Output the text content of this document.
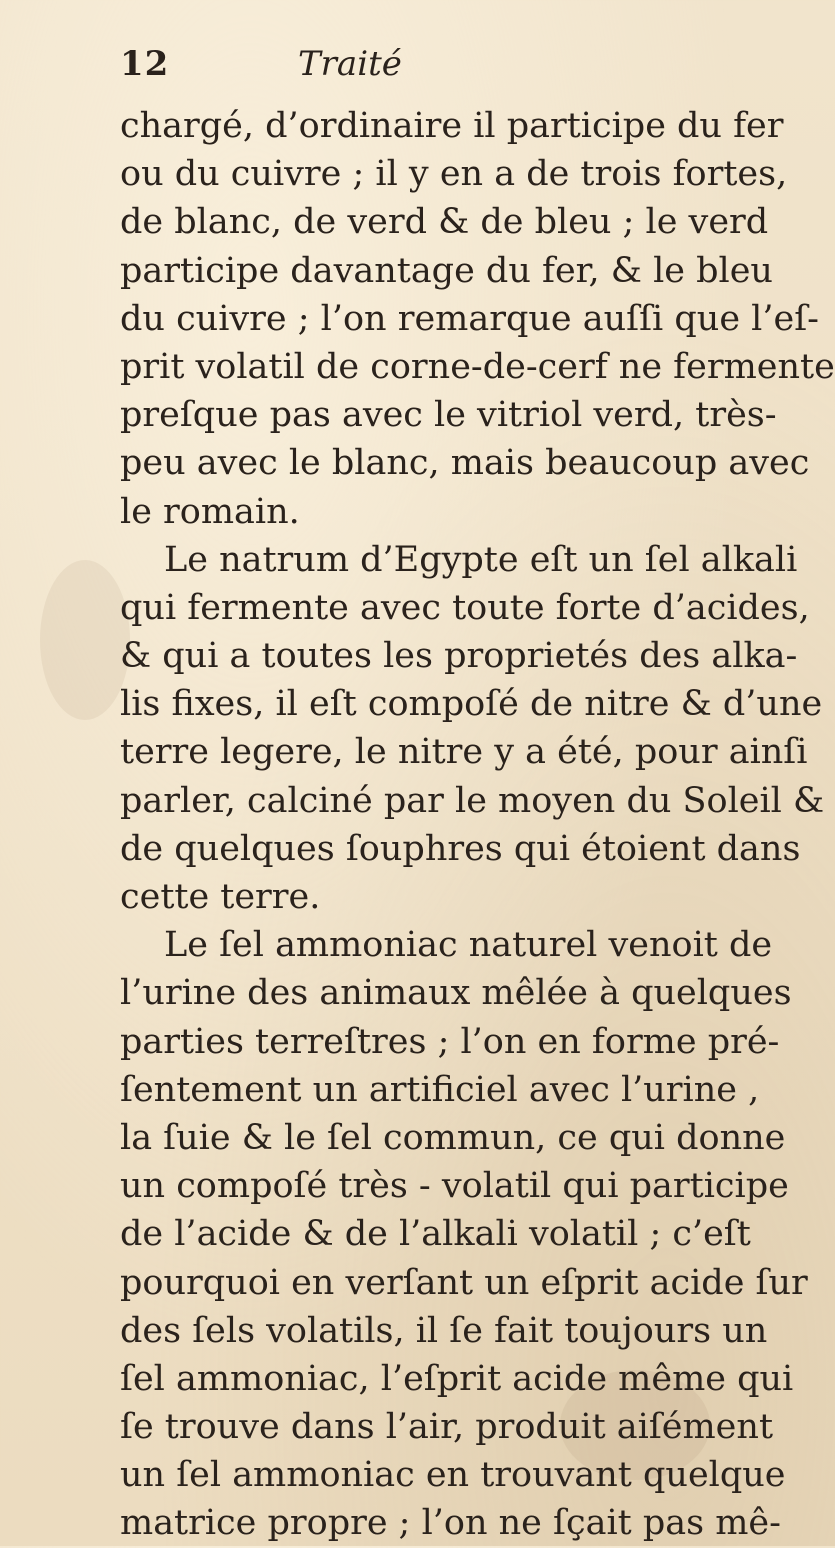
12	Traité
chargé, d’ordinaire il participe du fer
ou du cuivre ; il y en a de trois fortes,
de blanc, de verd & de bleu ; le verd
participe davantage du fer, & le bleu
du cuivre ; l’on remarque auſſi que l’eſ-
prit volatil de corne-de-cerf ne fermente
preſque pas avec le vitriol verd, très-
peu avec le blanc, mais beaucoup avec
le romain.
Le natrum d’Egypte eſt un ſel alkali
qui fermente avec toute forte d’acides,
& qui a toutes les proprietés des alka-
lis fixes, il eſt compoſé de nitre & d’une
terre legere, le nitre y a été, pour ainſi
parler, calciné par le moyen du Soleil &
de quelques ſouphres qui étoient dans
cette terre.
Le ſel ammoniac naturel venoit de
l’urine des animaux mêlée à quelques
parties terreſtres ; l’on en forme pré-
ſentement un artificiel avec l’urine ,
la ſuie & le ſel commun, ce qui donne
un compoſé très - volatil qui participe
de l’acide & de l’alkali volatil ; c’eſt
pourquoi en verſant un eſprit acide ſur
des ſels volatils, il ſe fait toujours un
ſel ammoniac, l’eſprit acide même qui
ſe trouve dans l’air, produit aiſément
un ſel ammoniac en trouvant quelque
matrice propre ; l’on ne ſçait pas mê-
